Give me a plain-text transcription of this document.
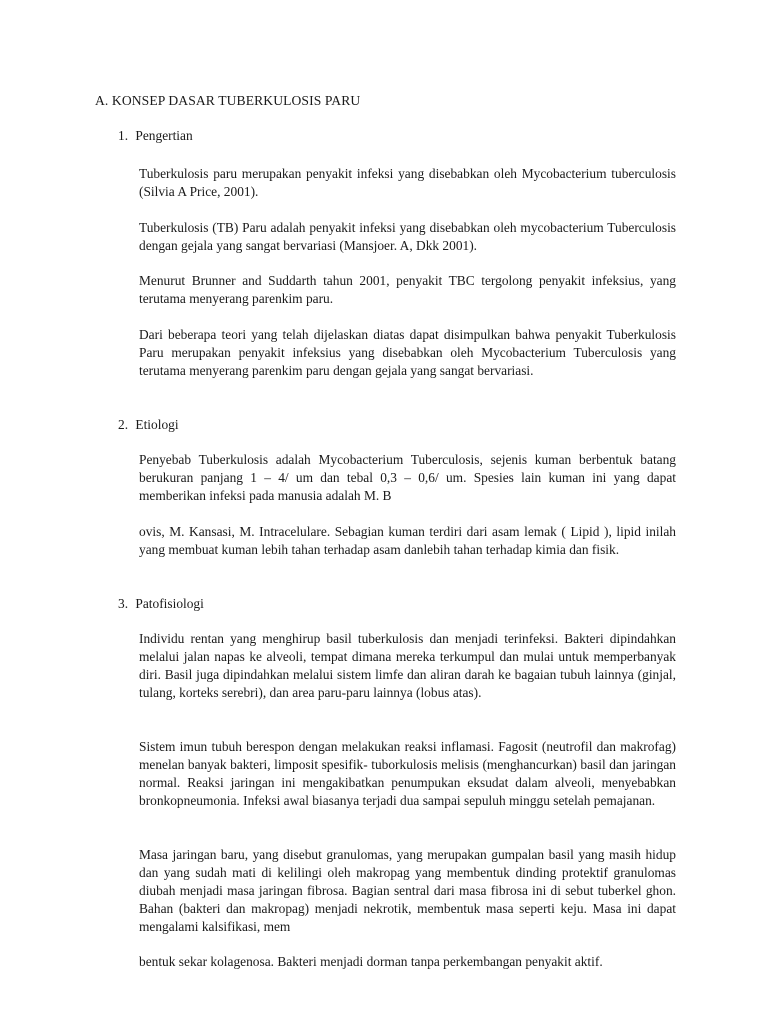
A. KONSEP DASAR TUBERKULOSIS PARU
1. Pengertian

Tuberkulosis paru merupakan penyakit infeksi yang disebabkan oleh Mycobacterium tuberculosis (Silvia A Price, 2001).

Tuberkulosis (TB) Paru adalah penyakit infeksi yang disebabkan oleh mycobacterium Tuberculosis dengan gejala yang sangat bervariasi (Mansjoer. A, Dkk 2001).

Menurut Brunner and Suddarth tahun 2001, penyakit TBC tergolong penyakit infeksius, yang terutama menyerang parenkim paru.

Dari beberapa teori yang telah dijelaskan diatas dapat disimpulkan bahwa penyakit Tuberkulosis Paru merupakan penyakit infeksius yang disebabkan oleh Mycobacterium Tuberculosis yang terutama menyerang parenkim paru dengan gejala yang sangat bervariasi.

2. Etiologi

Penyebab Tuberkulosis adalah Mycobacterium Tuberculosis, sejenis kuman berbentuk batang berukuran panjang 1 – 4/ um dan tebal 0,3 – 0,6/ um. Spesies lain kuman ini yang dapat memberikan infeksi pada manusia adalah M. B

ovis, M. Kansasi, M. Intracelulare. Sebagian kuman terdiri dari asam lemak ( Lipid ), lipid inilah yang membuat kuman lebih tahan terhadap asam danlebih tahan terhadap kimia dan fisik.

3. Patofisiologi

Individu rentan yang menghirup basil tuberkulosis dan menjadi terinfeksi. Bakteri dipindahkan melalui jalan napas ke alveoli, tempat dimana mereka terkumpul dan mulai untuk memperbanyak diri. Basil juga dipindahkan melalui sistem limfe dan aliran darah ke bagaian tubuh lainnya (ginjal, tulang, korteks serebri), dan area paru-paru lainnya (lobus atas).

Sistem imun tubuh berespon dengan melakukan reaksi inflamasi. Fagosit (neutrofil dan makrofag) menelan banyak bakteri, limposit spesifik- tuborkulosis melisis (menghancurkan) basil dan jaringan normal. Reaksi jaringan ini mengakibatkan penumpukan eksudat dalam alveoli, menyebabkan bronkopneumonia. Infeksi awal biasanya terjadi dua sampai sepuluh minggu setelah pemajanan.

Masa jaringan baru, yang disebut granulomas, yang merupakan gumpalan basil yang masih hidup dan yang sudah mati di kelilingi oleh makropag yang membentuk dinding protektif granulomas diubah menjadi masa jaringan fibrosa. Bagian sentral dari masa fibrosa ini di sebut tuberkel ghon. Bahan (bakteri dan makropag) menjadi nekrotik, membentuk masa seperti keju. Masa ini dapat mengalami kalsifikasi, mem

bentuk sekar kolagenosa. Bakteri menjadi dorman tanpa perkembangan penyakit aktif.
